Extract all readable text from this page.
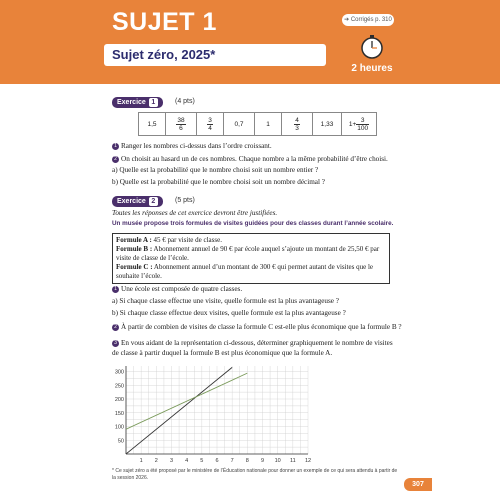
SUJET 1
Sujet zéro, 2025*
➔ Corrigés p. 310
2 heures
Exercice 1	(4 pts)
1,5	$\frac{38}{6}$	$\frac{3}{4}$	0,7	1	$\frac{4}{3}$	1,33	$1+ \frac{3}{100}$
1 Ranger les nombres ci-dessus dans l’ordre croissant.
2 On choisit au hasard un de ces nombres. Chaque nombre a la même probabilité d’être choisi.
a) Quelle est la probabilité que le nombre choisi soit un nombre entier ?
b) Quelle est la probabilité que le nombre choisi soit un nombre décimal ?
Exercice 2	(5 pts)
Toutes les réponses de cet exercice devront être justifiées.
Un musée propose trois formules de visites guidées pour des classes durant l’année scolaire.
Formule A : 45 € par visite de classe.
Formule B : Abonnement annuel de 90 € par école auquel s’ajoute un montant de 25,50 € par visite de classe de l’école.
Formule C : Abonnement annuel d’un montant de 300 € qui permet autant de visites que le souhaite l’école.
1 Une école est composée de quatre classes.
a) Si chaque classe effectue une visite, quelle formule est la plus avantageuse ?
b) Si chaque classe effectue deux visites, quelle formule est la plus avantageuse ?
2 À partir de combien de visites de classe la formule C est-elle plus économique que la formule B ?
3 En vous aidant de la représentation ci-dessous, déterminer graphiquement le nombre de visites de classe à partir duquel la formule B est plus économique que la formule A.
1 2 3 4 5 6 7 8 9 10 11 12
50
100
150
200
250
300
* Ce sujet zéro a été proposé par le ministère de l’Éducation nationale pour donner un exemple de ce qui sera attendu à partir de la session 2026.
307
